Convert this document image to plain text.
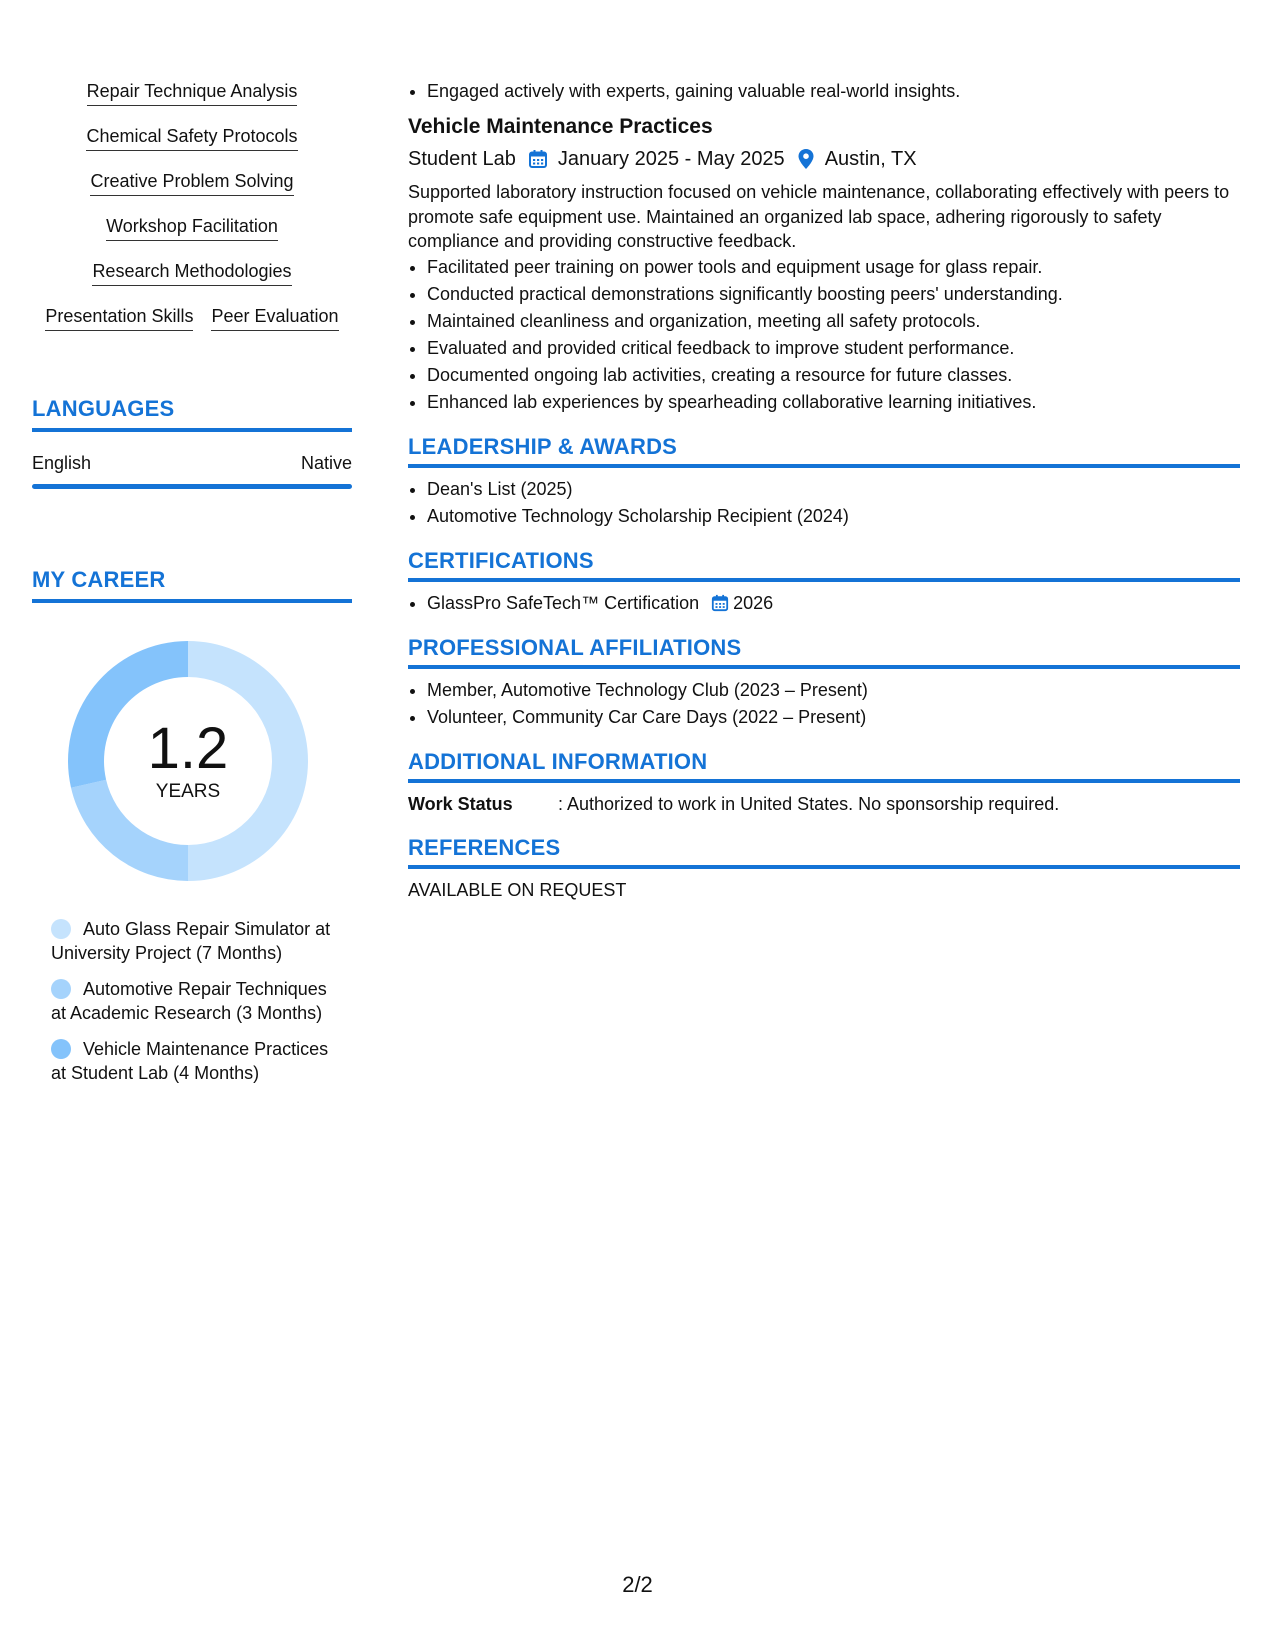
Repair Technique Analysis
Chemical Safety Protocols
Creative Problem Solving
Workshop Facilitation
Research Methodologies
Presentation Skills Peer Evaluation
LANGUAGES
English	Native
MY CAREER
1.2
YEARS
Auto Glass Repair Simulator at University Project (7 Months)
Automotive Repair Techniques at Academic Research (3 Months)
Vehicle Maintenance Practices at Student Lab (4 Months)
• Engaged actively with experts, gaining valuable real-world insights.
Vehicle Maintenance Practices
Student Lab January 2025 - May 2025 Austin, TX
Supported laboratory instruction focused on vehicle maintenance, collaborating effectively with peers to promote safe equipment use. Maintained an organized lab space, adhering rigorously to safety compliance and providing constructive feedback.
• Facilitated peer training on power tools and equipment usage for glass repair.
• Conducted practical demonstrations significantly boosting peers' understanding.
• Maintained cleanliness and organization, meeting all safety protocols.
• Evaluated and provided critical feedback to improve student performance.
• Documented ongoing lab activities, creating a resource for future classes.
• Enhanced lab experiences by spearheading collaborative learning initiatives.
LEADERSHIP & AWARDS
• Dean's List (2025)
• Automotive Technology Scholarship Recipient (2024)
CERTIFICATIONS
• GlassPro SafeTech™ Certification 2026
PROFESSIONAL AFFILIATIONS
• Member, Automotive Technology Club (2023 – Present)
• Volunteer, Community Car Care Days (2022 – Present)
ADDITIONAL INFORMATION
Work Status	: Authorized to work in United States. No sponsorship required.
REFERENCES
AVAILABLE ON REQUEST
2/2
